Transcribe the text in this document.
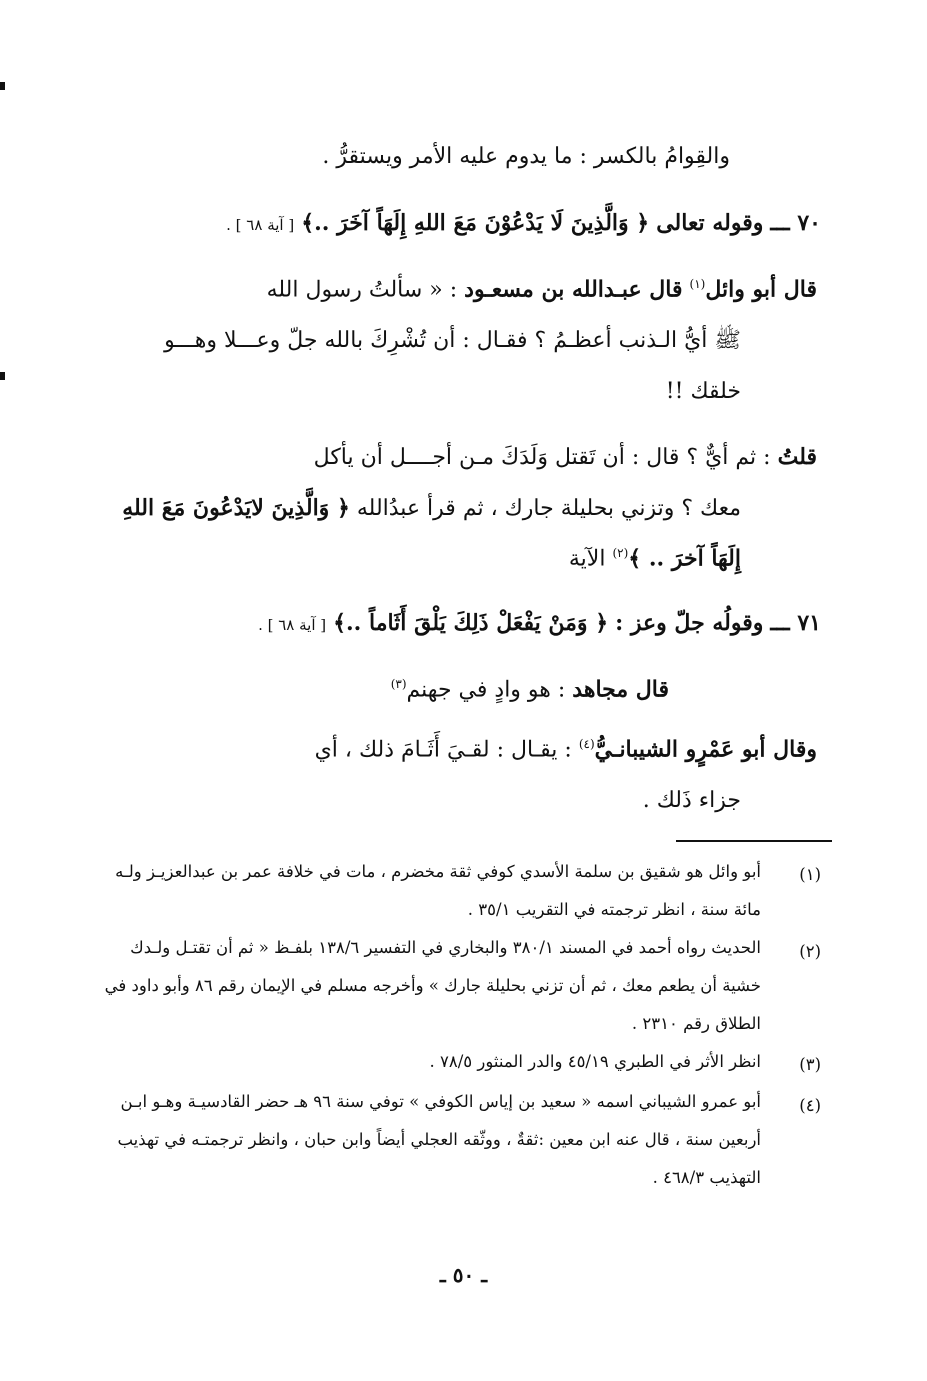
والقِوامُ بالكسر : ما يدوم عليه الأمر ويستقرُّ .
٧٠ ـــ وقوله تعالى ﴿ وَالَّذِينَ لَا يَدْعُوْنَ مَعَ اللهِ إِلَهَاً آخَرَ ..﴾ [ آية ٦٨ ] .
قال أبو وائل$^{(١)}$ قال عبـدالله بن مسعـود : « سألتُ رسول الله
ﷺ أيُّ الـذنب أعظـمُ ؟ فقـال : أن تُشْرِكَ بالله جلّ وعـــلا وهـــو
خلقك !!
قلتُ : ثم أيٌّ ؟ قال : أن تَقتل وَلَدَكَ مـن أجــــل أن يأكل
معك ؟ وتزني بحليلة جارك ، ثم قرأ عبدُالله ﴿ وَالَّذِينَ لايَدْعُونَ مَعَ اللهِ
إِلَهَاً آخرَ .. ﴾$^{(٢)}$ الآية
٧١ ـــ وقولُه جلّ وعز : ﴿ وَمَنْ يَفْعَلْ ذَلِكَ يَلْقَ أَثَاماً ..﴾ [ آية ٦٨ ] .
قال مجاهد : هو وادٍ في جهنم$^{(٣)}$
وقال أبو عَمْرٍو الشيبانـيُّ$^{(٤)}$ : يقـال : لقـيَ أَثَـامَ ذلك ، أي
جزاء ذَلك .
(١)
أبو وائل هو شقيق بن سلمة الأسدي كوفي ثقة مخضرم ، مات في خلافة عمر بن عبدالعزيـز ولـه
مائة سنة ، انظر ترجمته في التقريب ٣٥/١ .
(٢)
الحديث رواه أحمد في المسند ٣٨٠/١ والبخاري في التفسير ١٣٨/٦ بلفـظ « ثم أن تقتـل ولـدك
خشية أن يطعم معك ، ثم أن تزني بحليلة جارك » وأخرجه مسلم في الإيمان رقم ٨٦ وأبو داود في
الطلاق رقم ٢٣١٠ .
(٣)
انظر الأثر في الطبري ٤٥/١٩ والدر المنثور ٧٨/٥ .
(٤)
أبو عمرو الشيباني اسمه « سعيد بن إياس الكوفي » توفي سنة ٩٦ هـ حضر القادسيـة وهـو ابـن
أربعين سنة ، قال عنه ابن معين :ثقةٌ ، ووثّقه العجلي أيضاً وابن حبان ، وانظر ترجمتـه في تهذيب
التهذيب ٤٦٨/٣ .
ـ ٥٠ ـ
